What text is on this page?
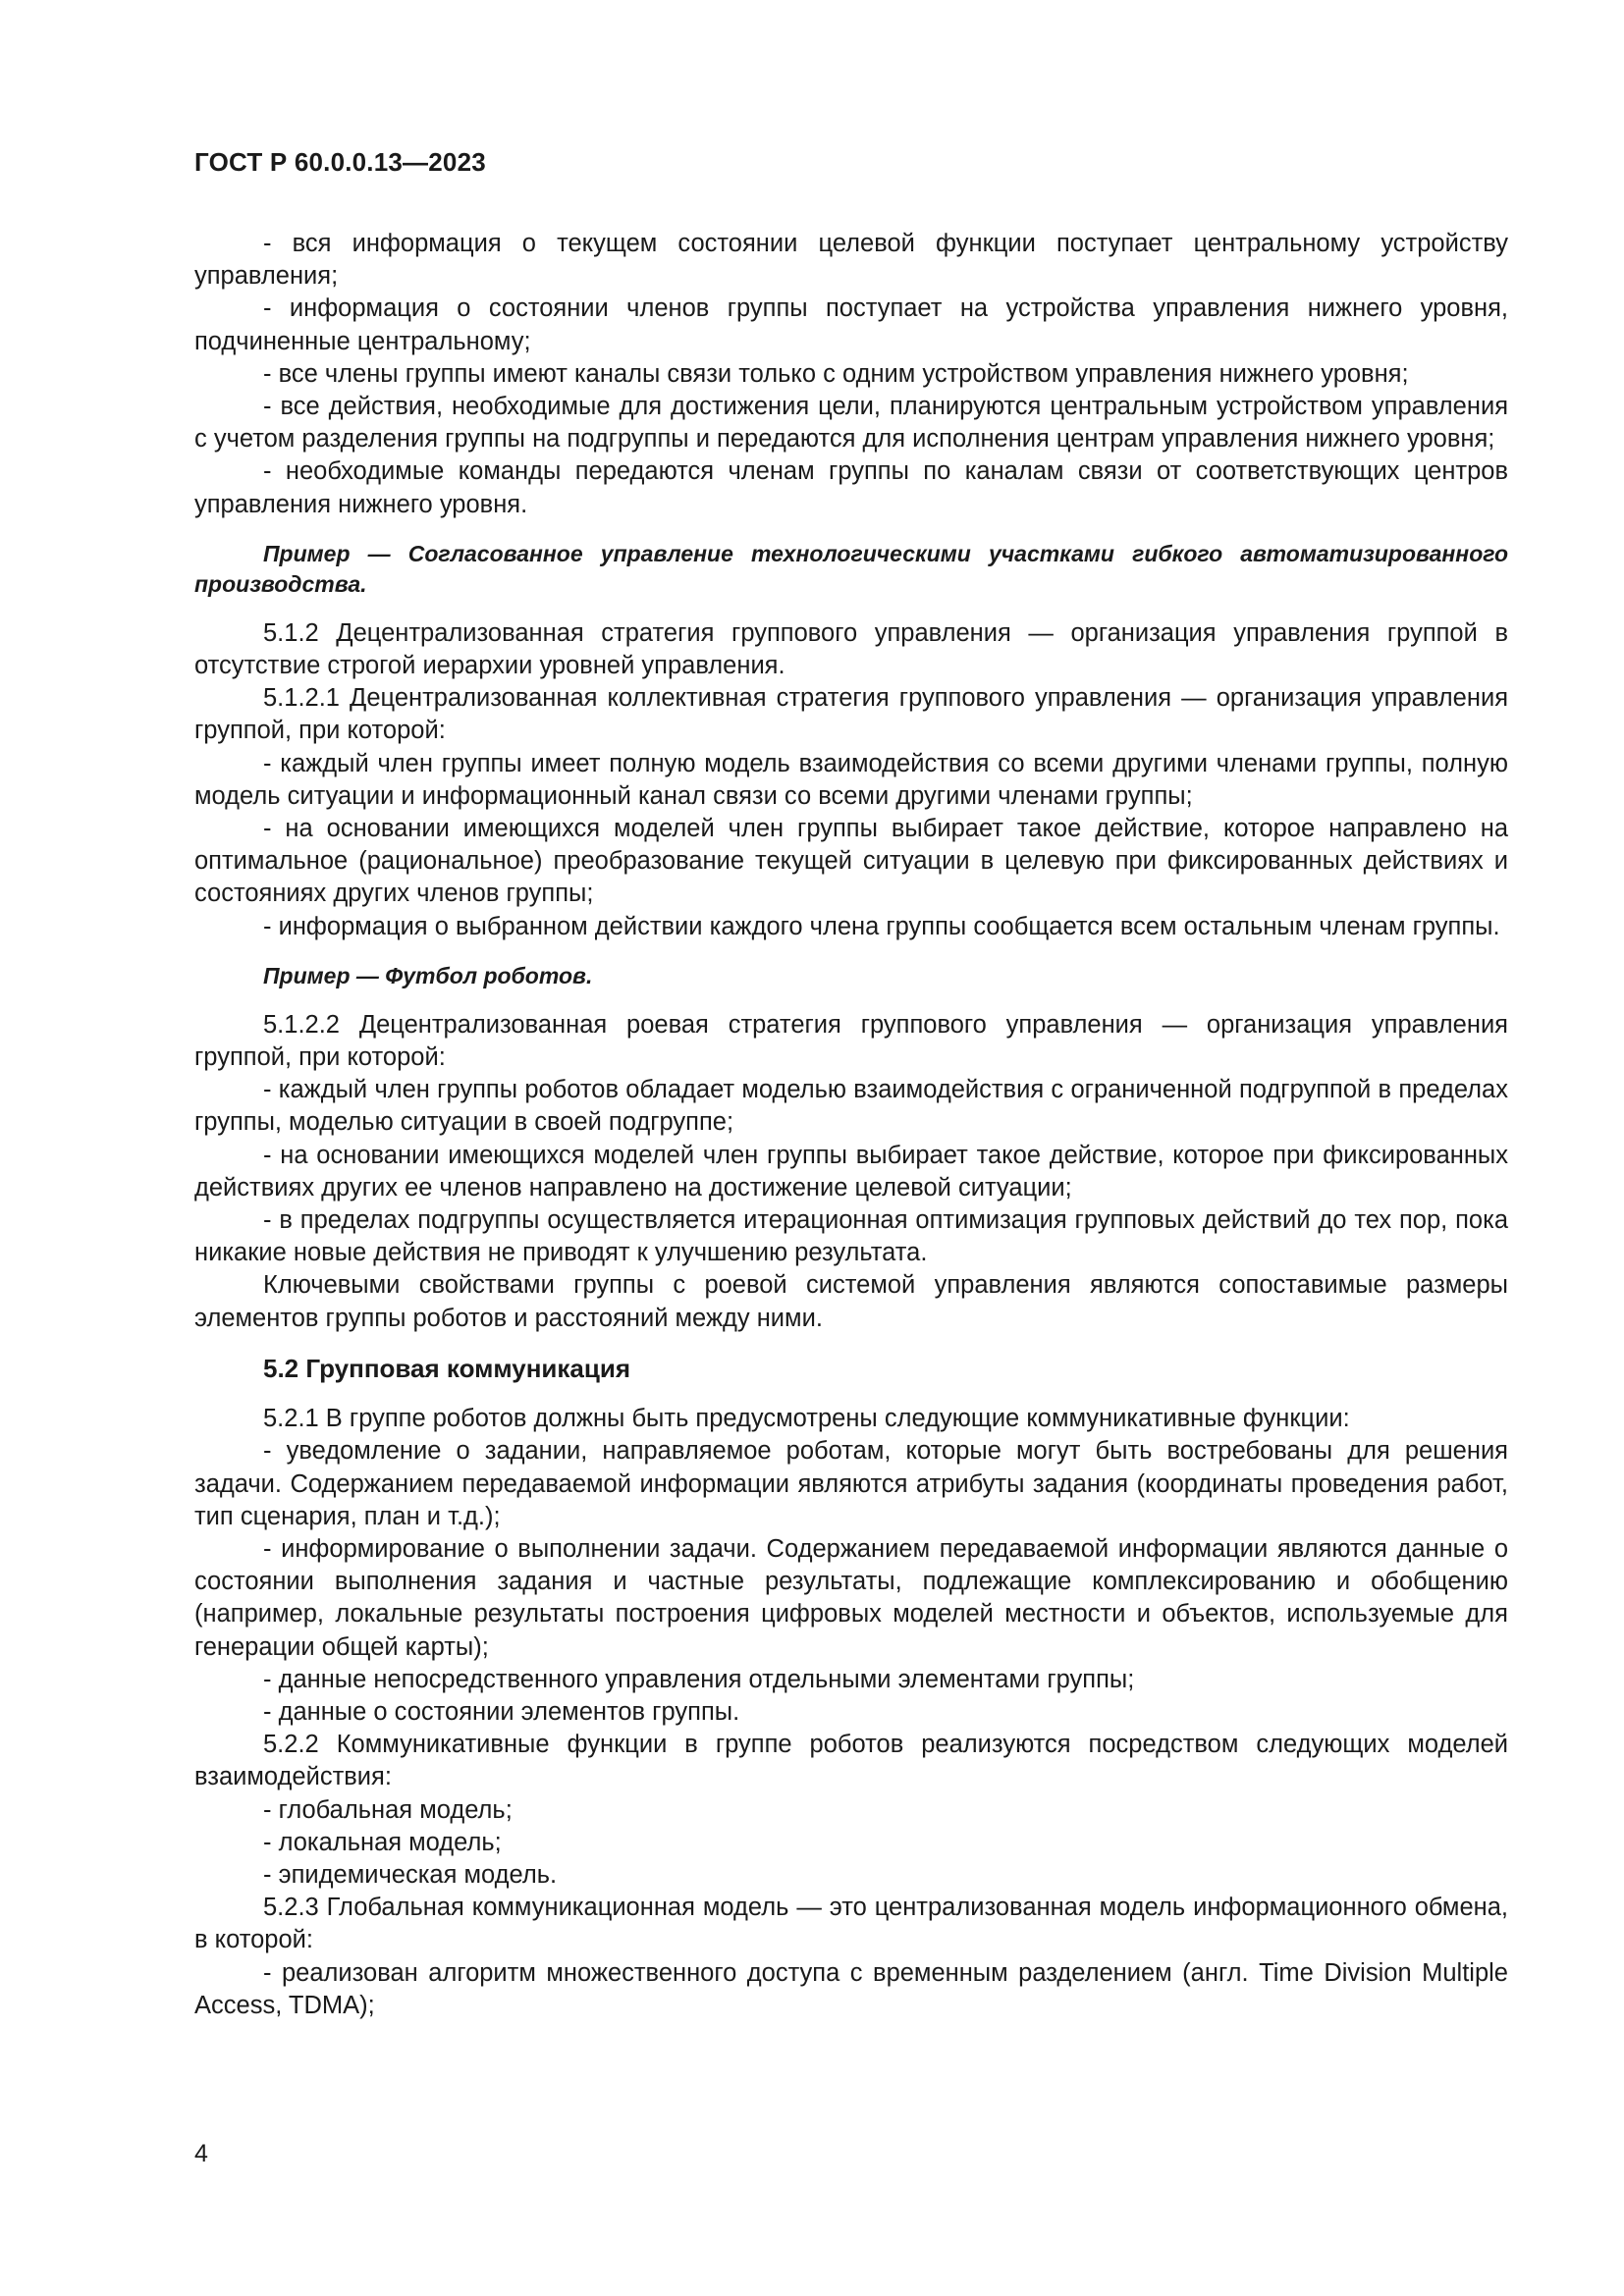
ГОСТ Р 60.0.0.13—2023

- вся информация о текущем состоянии целевой функции поступает центральному устройству управления;

- информация о состоянии членов группы поступает на устройства управления нижнего уровня, подчиненные центральному;

- все члены группы имеют каналы связи только с одним устройством управления нижнего уровня;

- все действия, необходимые для достижения цели, планируются центральным устройством управления с учетом разделения группы на подгруппы и передаются для исполнения центрам управления нижнего уровня;

- необходимые команды передаются членам группы по каналам связи от соответствующих центров управления нижнего уровня.

Пример — Согласованное управление технологическими участками гибкого автоматизированного производства.

5.1.2 Децентрализованная стратегия группового управления — организация управления группой в отсутствие строгой иерархии уровней управления.

5.1.2.1 Децентрализованная коллективная стратегия группового управления — организация управления группой, при которой:

- каждый член группы имеет полную модель взаимодействия со всеми другими членами группы, полную модель ситуации и информационный канал связи со всеми другими членами группы;

- на основании имеющихся моделей член группы выбирает такое действие, которое направлено на оптимальное (рациональное) преобразование текущей ситуации в целевую при фиксированных действиях и состояниях других членов группы;

- информация о выбранном действии каждого члена группы сообщается всем остальным членам группы.

Пример — Футбол роботов.

5.1.2.2 Децентрализованная роевая стратегия группового управления — организация управления группой, при которой:

- каждый член группы роботов обладает моделью взаимодействия с ограниченной подгруппой в пределах группы, моделью ситуации в своей подгруппе;

- на основании имеющихся моделей член группы выбирает такое действие, которое при фиксированных действиях других ее членов направлено на достижение целевой ситуации;

- в пределах подгруппы осуществляется итерационная оптимизация групповых действий до тех пор, пока никакие новые действия не приводят к улучшению результата.

Ключевыми свойствами группы с роевой системой управления являются сопоставимые размеры элементов группы роботов и расстояний между ними.

5.2 Групповая коммуникация

5.2.1 В группе роботов должны быть предусмотрены следующие коммуникативные функции:

- уведомление о задании, направляемое роботам, которые могут быть востребованы для решения задачи. Содержанием передаваемой информации являются атрибуты задания (координаты проведения работ, тип сценария, план и т.д.);

- информирование о выполнении задачи. Содержанием передаваемой информации являются данные о состоянии выполнения задания и частные результаты, подлежащие комплексированию и обобщению (например, локальные результаты построения цифровых моделей местности и объектов, используемые для генерации общей карты);

- данные непосредственного управления отдельными элементами группы;

- данные о состоянии элементов группы.

5.2.2 Коммуникативные функции в группе роботов реализуются посредством следующих моделей взаимодействия:

- глобальная модель;

- локальная модель;

- эпидемическая модель.

5.2.3 Глобальная коммуникационная модель — это централизованная модель информационного обмена, в которой:

- реализован алгоритм множественного доступа с временным разделением (англ. Time Division Multiple Access, TDMA);

4
